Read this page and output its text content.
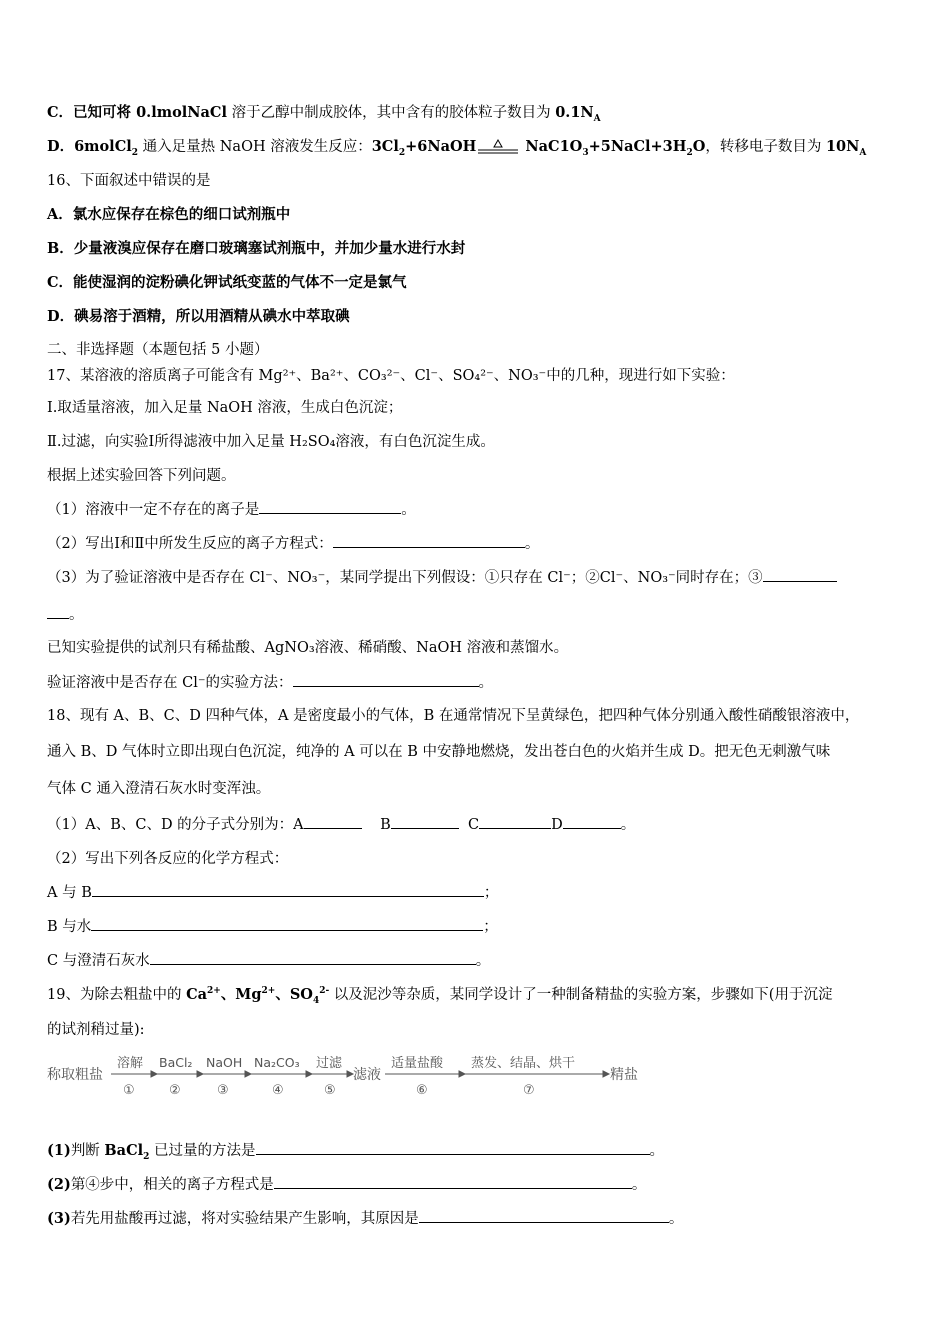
C．已知可将 0.lmolNaCl 溶于乙醇中制成胶体，其中含有的胶体粒子数目为 $0.1N_A$
D．6molCl$_2$ 通入足量热 NaOH 溶液发生反应：$3Cl_2+6NaOH$	$NaC1O_3+5NaCl+3H_2O$，转移电子数目为 $10N_A$
16、下面叙述中错误的是
A．氯水应保存在棕色的细口试剂瓶中
B．少量液溴应保存在磨口玻璃塞试剂瓶中，并加少量水进行水封
C．能使湿润的淀粉碘化钾试纸变蓝的气体不一定是氯气
D．碘易溶于酒精，所以用酒精从碘水中萃取碘
二、非选择题（本题包括 5 小题）
17、某溶液的溶质离子可能含有 Mg²⁺、Ba²⁺、CO₃²⁻、Cl⁻、SO₄²⁻、NO₃⁻中的几种，现进行如下实验：
Ⅰ.取适量溶液，加入足量 NaOH 溶液，生成白色沉淀；
Ⅱ.过滤，向实验Ⅰ所得滤液中加入足量 H₂SO₄溶液，有白色沉淀生成。
根据上述实验回答下列问题。
（1）溶液中一定不存在的离子是	。
（2）写出Ⅰ和Ⅱ中所发生反应的离子方程式：	。
（3）为了验证溶液中是否存在 Cl⁻、NO₃⁻，某同学提出下列假设：①只存在 Cl⁻；②Cl⁻、NO₃⁻同时存在；③
。
已知实验提供的试剂只有稀盐酸、AgNO₃溶液、稀硝酸、NaOH 溶液和蒸馏水。
验证溶液中是否存在 Cl⁻的实验方法：	。
18、现有 A、B、C、D 四种气体，A 是密度最小的气体，B 在通常情况下呈黄绿色，把四种气体分别通入酸性硝酸银溶液中，
通入 B、D 气体时立即出现白色沉淀，纯净的 A 可以在 B 中安静地燃烧，发出苍白色的火焰并生成 D。把无色无刺激气味
气体 C 通入澄清石灰水时变浑浊。
（1）A、B、C、D 的分子式分别为：A	B	C	D	。
（2）写出下列各反应的化学方程式：
A 与 B	；
B 与水	；
C 与澄清石灰水	。
19、为除去粗盐中的 $Ca^{2+}$、$Mg^{2+}$、$SO_4^{2-}$ 以及泥沙等杂质，某同学设计了一种制备精盐的实验方案，步骤如下(用于沉淀
的试剂稍过量):
称取粗盐
溶解
①
BaCl₂
②
NaOH
③
Na₂CO₃
④
过滤
⑤
滤液
适量盐酸
⑥
蒸发、结晶、烘干
⑦
精盐
(1)判断 BaCl$_2$ 已过量的方法是	。
(2)第④步中，相关的离子方程式是	。
(3)若先用盐酸再过滤，将对实验结果产生影响，其原因是	。
